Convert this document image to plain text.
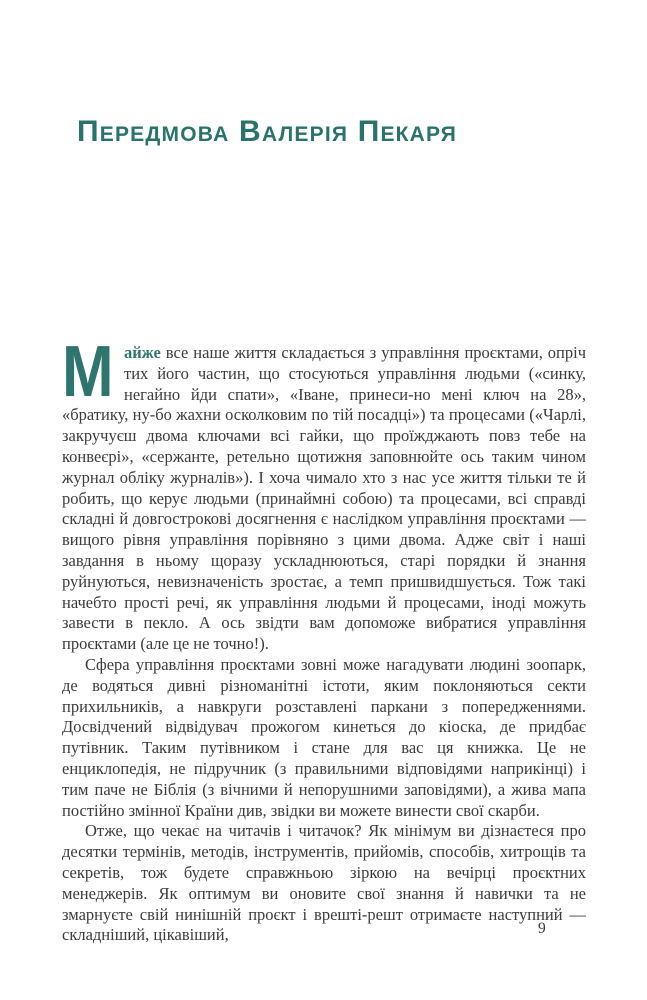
Передмова Валерія Пекаря

Майже все наше життя складається з управління проєктами, опріч тих його частин, що стосуються управління людьми («синку, негайно йди спати», «Іване, принеси-но мені ключ на 28», «братику, ну-бо жахни осколковим по тій посадці») та процесами («Чарлі, закручуєш двома ключами всі гайки, що проїжджають повз тебе на конвеєрі», «сержанте, ретельно щотижня заповнюйте ось таким чином журнал обліку журналів»). І хоча чимало хто з нас усе життя тільки те й робить, що керує людьми (принаймні собою) та процесами, всі справді складні й довгострокові досягнення є наслідком управління проєктами — вищого рівня управління порівняно з цими двома. Адже світ і наші завдання в ньому щоразу ускладнюються, старі порядки й знання руйнуються, невизначеність зростає, а темп пришвидшується. Тож такі начебто прості речі, як управління людьми й процесами, іноді можуть завести в пекло. А ось звідти вам допоможе вибратися управління проєктами (але це не точно!).

Сфера управління проєктами зовні може нагадувати людині зоопарк, де водяться дивні різноманітні істоти, яким поклоняються секти прихильників, а навкруги розставлені паркани з попередженнями. Досвідчений відвідувач прожогом кинеться до кіоска, де придбає путівник. Таким путівником і стане для вас ця книжка. Це не енциклопедія, не підручник (з правильними відповідями наприкінці) і тим паче не Біблія (з вічними й непорушними заповідями), а жива мапа постійно змінної Країни див, звідки ви можете винести свої скарби.

Отже, що чекає на читачів і читачок? Як мінімум ви дізнаєтеся про десятки термінів, методів, інструментів, прийомів, способів, хитрощів та секретів, тож будете справжньою зіркою на вечірці проєктних менеджерів. Як оптимум ви оновите свої знання й навички та не змарнуєте свій нинішній проєкт і врешті-решт отримаєте наступний — складніший, цікавіший,	9
